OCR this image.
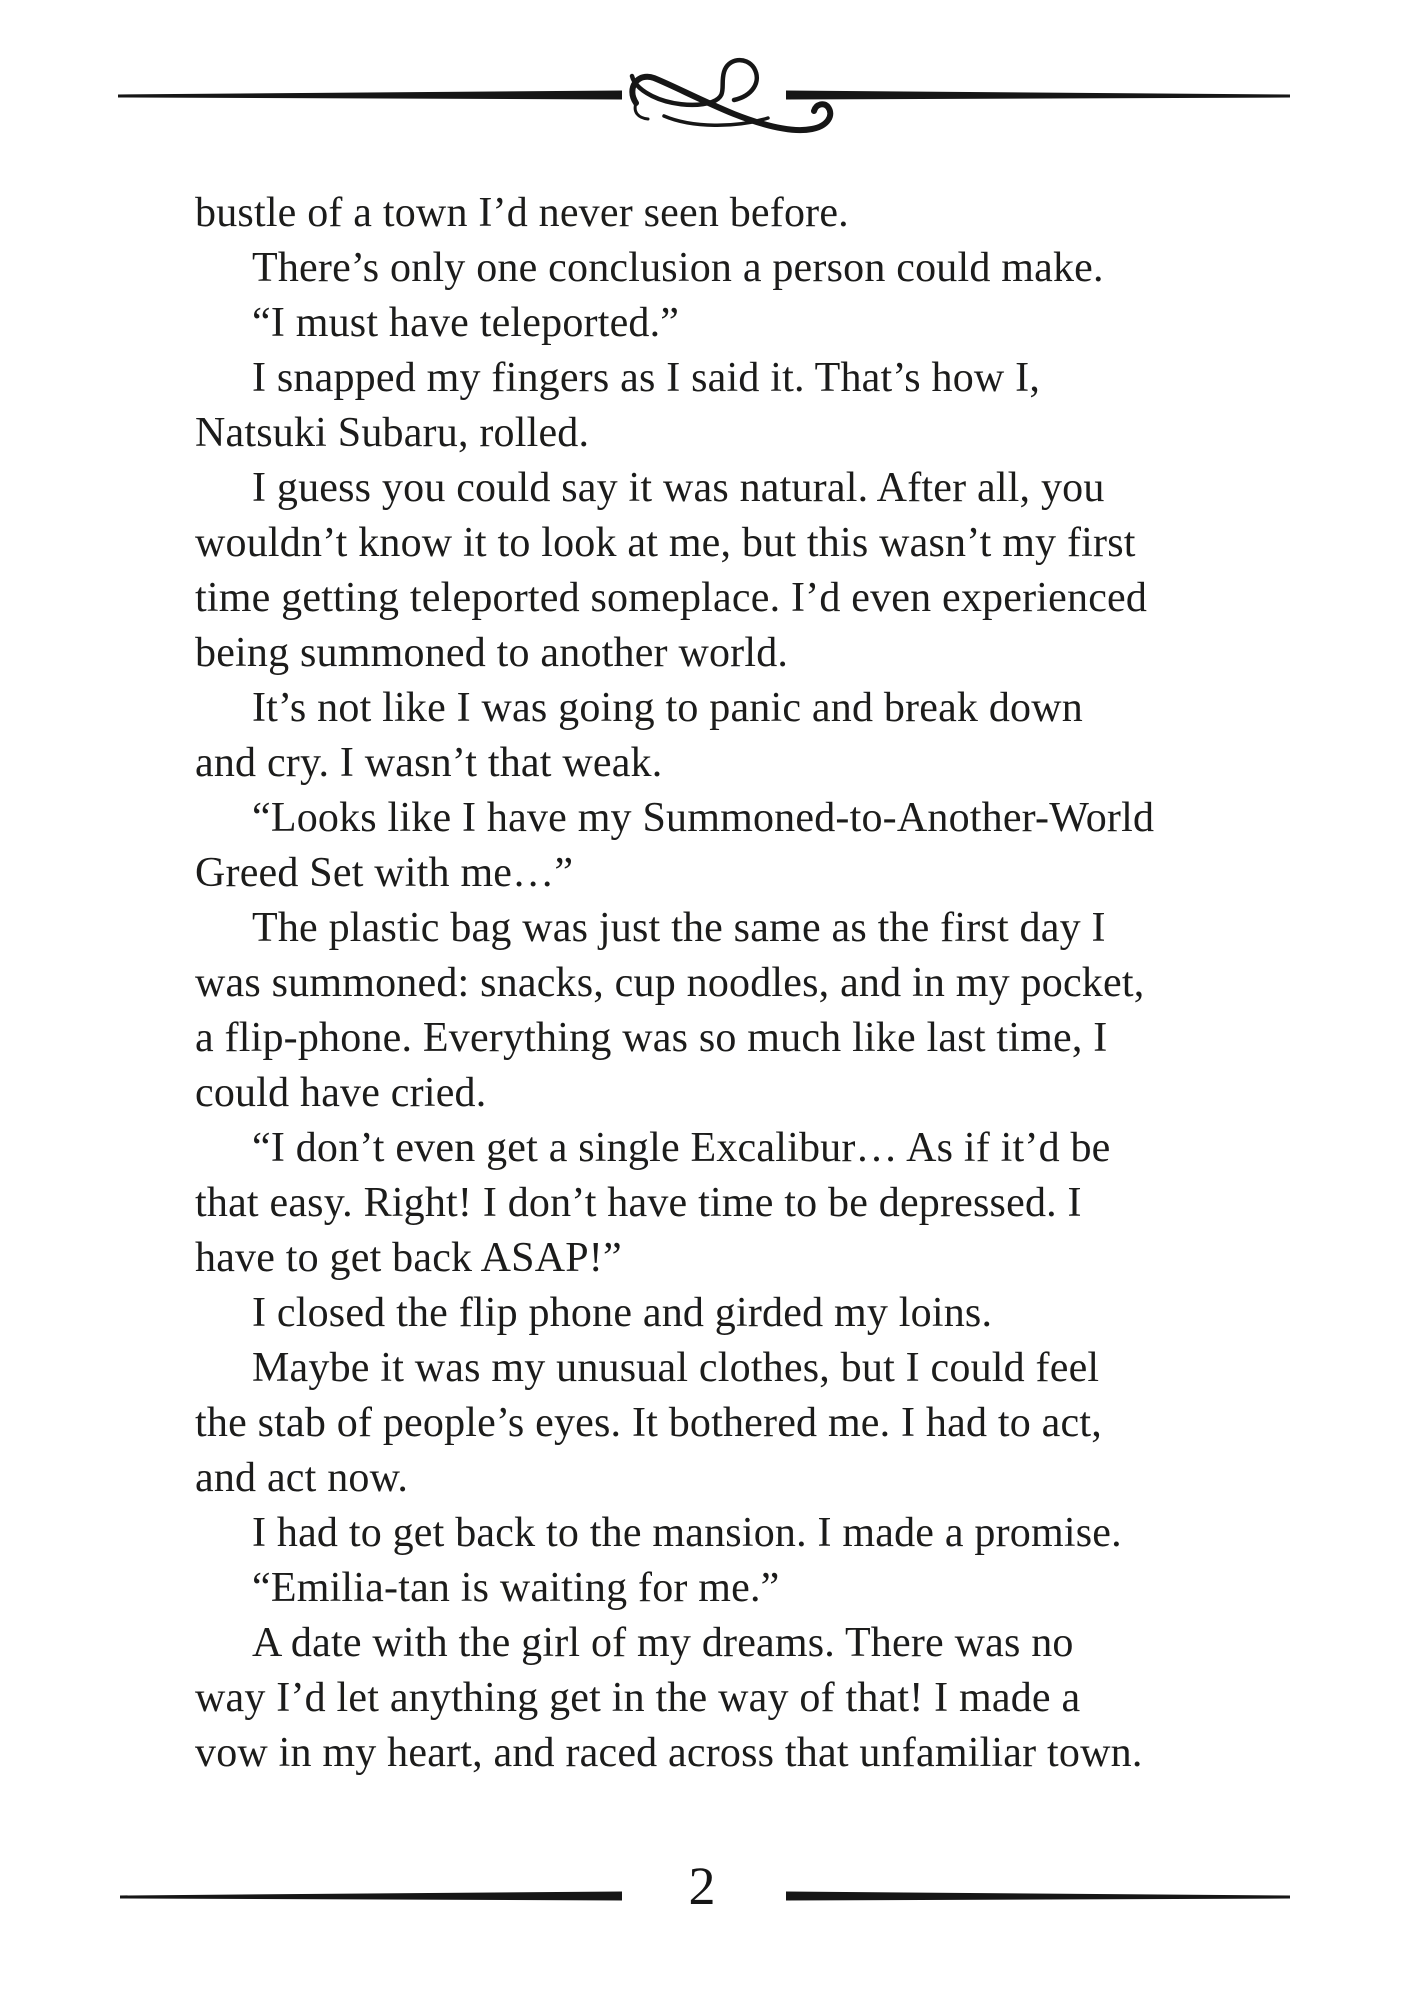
bustle of a town I’d never seen before.
There’s only one conclusion a person could make.
“I must have teleported.”
I snapped my fingers as I said it. That’s how I,
Natsuki Subaru, rolled.
I guess you could say it was natural. After all, you
wouldn’t know it to look at me, but this wasn’t my first
time getting teleported someplace. I’d even experienced
being summoned to another world.
It’s not like I was going to panic and break down
and cry. I wasn’t that weak.
“Looks like I have my Summoned-to-Another-World
Greed Set with me…”
The plastic bag was just the same as the first day I
was summoned: snacks, cup noodles, and in my pocket,
a flip-phone. Everything was so much like last time, I
could have cried.
“I don’t even get a single Excalibur… As if it’d be
that easy. Right! I don’t have time to be depressed. I
have to get back ASAP!”
I closed the flip phone and girded my loins.
Maybe it was my unusual clothes, but I could feel
the stab of people’s eyes. It bothered me. I had to act,
and act now.
I had to get back to the mansion. I made a promise.
“Emilia-tan is waiting for me.”
A date with the girl of my dreams. There was no
way I’d let anything get in the way of that! I made a
vow in my heart, and raced across that unfamiliar town.
2
